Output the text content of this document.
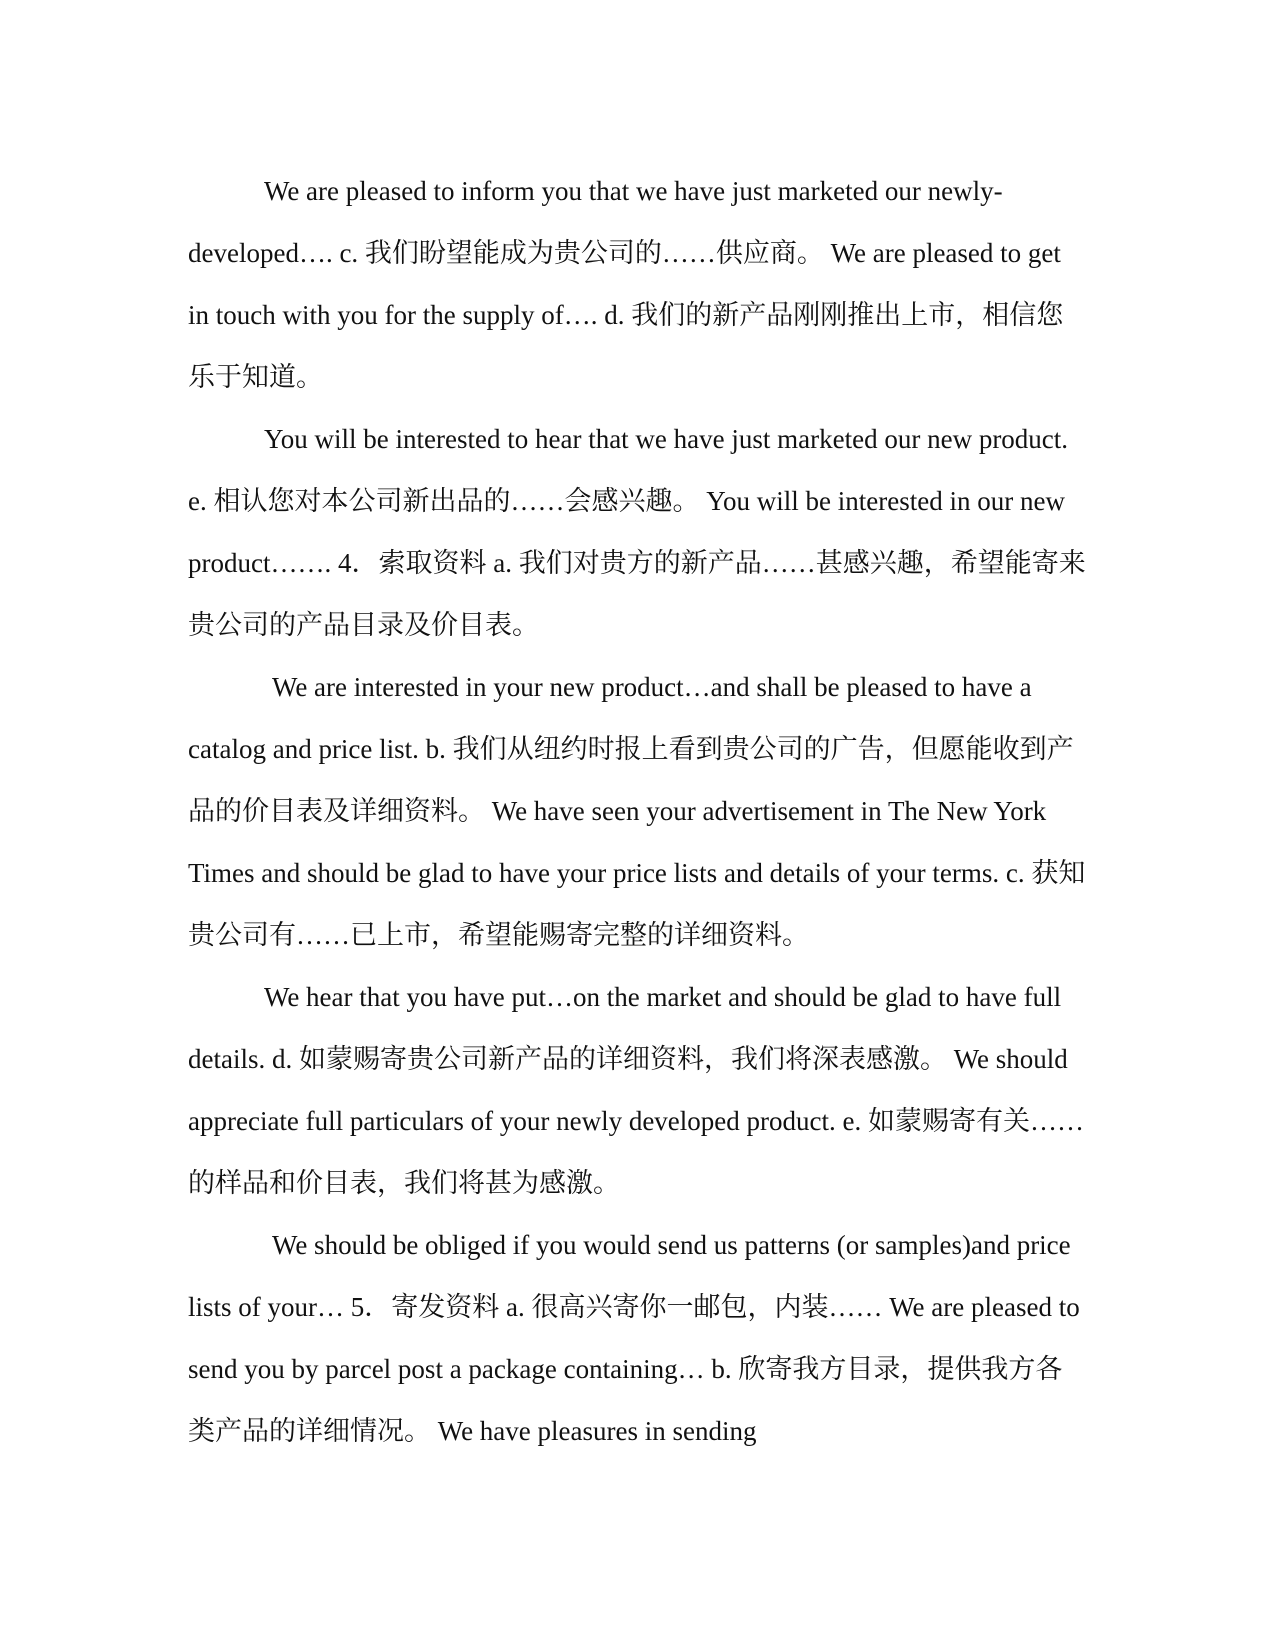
We are pleased to inform you that we have just marketed our newly-developed…. c. 我们盼望能成为贵公司的……供应商。 We are pleased to get in touch with you for the supply of…. d. 我们的新产品刚刚推出上市，相信您乐于知道。

You will be interested to hear that we have just marketed our new product. e. 相认您对本公司新出品的……会感兴趣。 You will be interested in our new product……. 4．索取资料 a. 我们对贵方的新产品……甚感兴趣，希望能寄来贵公司的产品目录及价目表。

We are interested in your new product…and shall be pleased to have a catalog and price list. b. 我们从纽约时报上看到贵公司的广告，但愿能收到产品的价目表及详细资料。 We have seen your advertisement in The New York Times and should be glad to have your price lists and details of your terms. c. 获知贵公司有……已上市，希望能赐寄完整的详细资料。

We hear that you have put…on the market and should be glad to have full details. d. 如蒙赐寄贵公司新产品的详细资料，我们将深表感激。 We should appreciate full particulars of your newly developed product. e. 如蒙赐寄有关……的样品和价目表，我们将甚为感激。

We should be obliged if you would send us patterns (or samples)and price lists of your… 5．寄发资料 a. 很高兴寄你一邮包，内装…… We are pleased to send you by parcel post a package containing… b. 欣寄我方目录，提供我方各类产品的详细情况。 We have pleasures in sending
